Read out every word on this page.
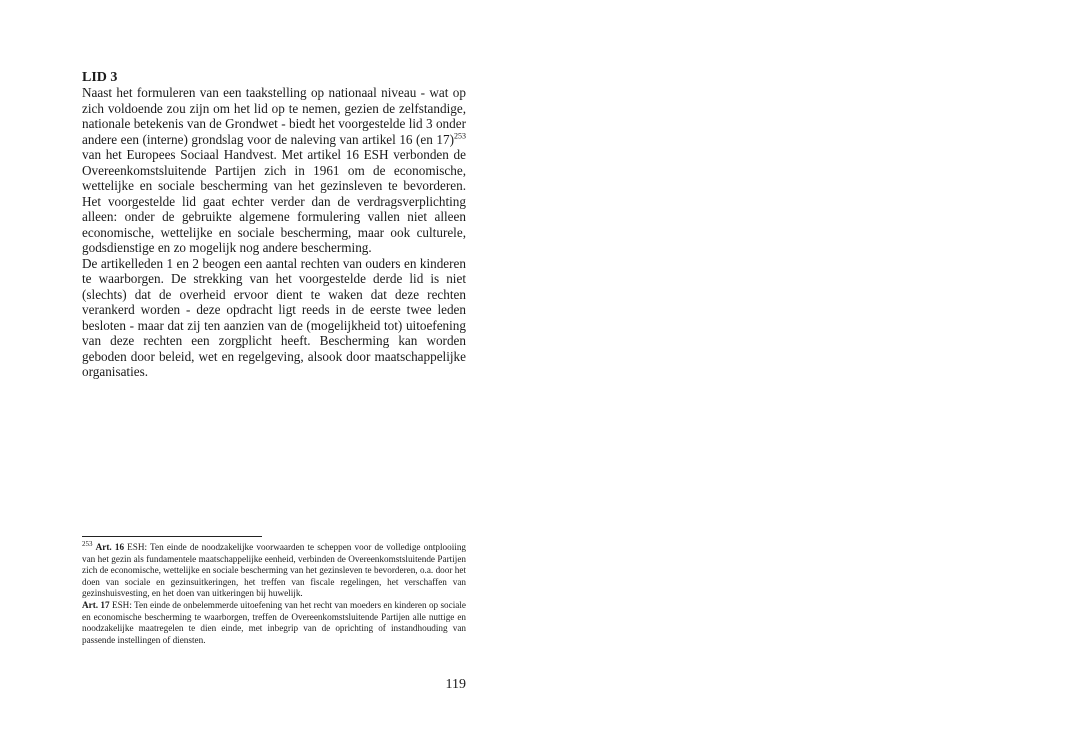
LID 3

Naast het formuleren van een taakstelling op nationaal niveau - wat op zich voldoende zou zijn om het lid op te nemen, gezien de zelfstandige, nationale betekenis van de Grondwet - biedt het voorgestelde lid 3 onder andere een (interne) grondslag voor de naleving van artikel 16 (en 17)$^{253}$ van het Europees Sociaal Handvest. Met artikel 16 ESH verbonden de Overeenkomstsluitende Partijen zich in 1961 om de economische, wettelijke en sociale bescherming van het gezinsleven te bevorderen. Het voorgestelde lid gaat echter verder dan de verdragsverplichting alleen: onder de gebruikte algemene formulering vallen niet alleen economische, wettelijke en sociale bescherming, maar ook culturele, godsdienstige en zo mogelijk nog andere bescherming.

De artikelleden 1 en 2 beogen een aantal rechten van ouders en kinderen te waarborgen. De strekking van het voorgestelde derde lid is niet (slechts) dat de overheid ervoor dient te waken dat deze rechten verankerd worden - deze opdracht ligt reeds in de eerste twee leden besloten - maar dat zij ten aanzien van de (mogelijkheid tot) uitoefening van deze rechten een zorgplicht heeft. Bescherming kan worden geboden door beleid, wet en regelgeving, alsook door maatschappelijke organisaties.

$^{253}$ Art. 16 ESH: Ten einde de noodzakelijke voorwaarden te scheppen voor de volledige ontplooiing van het gezin als fundamentele maatschappelijke eenheid, verbinden de Overeenkomstsluitende Partijen zich de economische, wettelijke en sociale bescherming van het gezinsleven te bevorderen, o.a. door het doen van sociale en gezinsuitkeringen, het treffen van fiscale regelingen, het verschaffen van gezinshuisvesting, en het doen van uitkeringen bij huwelijk.

Art. 17 ESH: Ten einde de onbelemmerde uitoefening van het recht van moeders en kinderen op sociale en economische bescherming te waarborgen, treffen de Overeenkomstsluitende Partijen alle nuttige en noodzakelijke maatregelen te dien einde, met inbegrip van de oprichting of instandhouding van passende instellingen of diensten.

119
